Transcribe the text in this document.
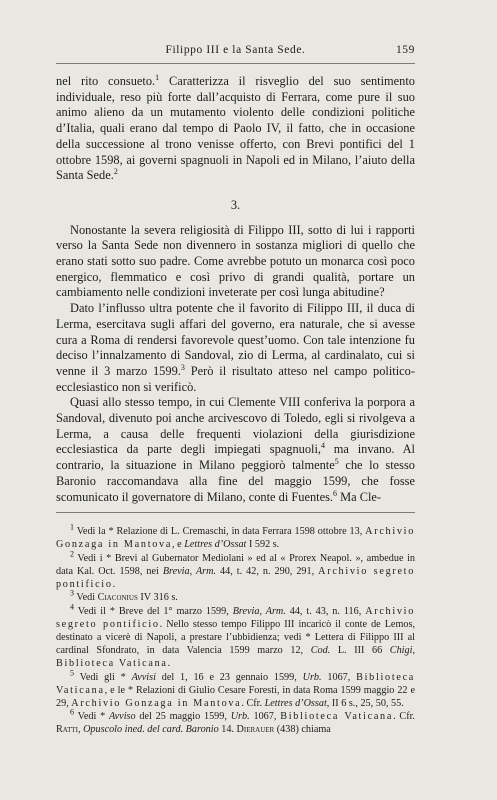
Filippo III e la Santa Sede.	159

nel rito consueto.$^1$ Caratterizza il risveglio del suo sentimento individuale, reso più forte dall’acquisto di Ferrara, come pure il suo animo alieno da un mutamento violento delle condizioni politiche d’Italia, quali erano dal tempo di Paolo IV, il fatto, che in occasione della successione al trono venisse offerto, con Brevi pontifici del 1 ottobre 1598, ai governi spagnuoli in Napoli ed in Milano, l’aiuto della Santa Sede.$^2$

3.

Nonostante la severa religiosità di Filippo III, sotto di lui i rapporti verso la Santa Sede non divennero in sostanza migliori di quello che erano stati sotto suo padre. Come avrebbe potuto un monarca così poco energico, flemmatico e così privo di grandi qualità, portare un cambiamento nelle condizioni inveterate per così lunga abitudine?

Dato l’influsso ultra potente che il favorito di Filippo III, il duca di Lerma, esercitava sugli affari del governo, era naturale, che si avesse cura a Roma di rendersi favorevole quest’uomo. Con tale intenzione fu deciso l’innalzamento di Sandoval, zio di Lerma, al cardinalato, cui si venne il 3 marzo 1599.$^3$ Però il risultato atteso nel campo politico-ecclesiastico non si verificò.

Quasi allo stesso tempo, in cui Clemente VIII conferiva la porpora a Sandoval, divenuto poi anche arcivescovo di Toledo, egli si rivolgeva a Lerma, a causa delle frequenti violazioni della giurisdizione ecclesiastica da parte degli impiegati spagnuoli,$^4$ ma invano. Al contrario, la situazione in Milano peggiorò talmente$^5$ che lo stesso Baronio raccomandava alla fine del maggio 1599, che fosse scomunicato il governatore di Milano, conte di Fuentes.$^6$ Ma Cle-

$^1$ Vedi la * Relazione di L. Cremaschi, in data Ferrara 1598 ottobre 13, Archivio Gonzaga in Mantova, e Lettres d’Ossat I 592 s.

$^2$ Vedi i * Brevi al Gubernator Mediolani » ed al « Prorex Neapol. », ambedue in data Kal. Oct. 1598, nei Brevia, Arm. 44, t. 42, n. 290, 291, Archivio segreto pontificio.

$^3$ Vedi Ciaconius IV 316 s.

$^4$ Vedi il * Breve del 1° marzo 1599, Brevia, Arm. 44, t. 43, n. 116, Archivio segreto pontificio. Nello stesso tempo Filippo III incaricò il conte de Lemos, destinato a vicerè di Napoli, a prestare l’ubbidienza; vedi * Lettera di Filippo III al cardinal Sfondrato, in data Valencia 1599 marzo 12, Cod. L. III 66 Chigi, Biblioteca Vaticana.

$^5$ Vedi gli * Avvisi del 1, 16 e 23 gennaio 1599, Urb. 1067, Biblioteca Vaticana, e le * Relazioni di Giulio Cesare Foresti, in data Roma 1599 maggio 22 e 29, Archivio Gonzaga in Mantova. Cfr. Lettres d’Ossat, II 6 s., 25, 50, 55.

$^6$ Vedi * Avviso del 25 maggio 1599, Urb. 1067, Biblioteca Vaticana. Cfr. Ratti, Opuscolo ined. del card. Baronio 14. Dierauer (438) chiama
